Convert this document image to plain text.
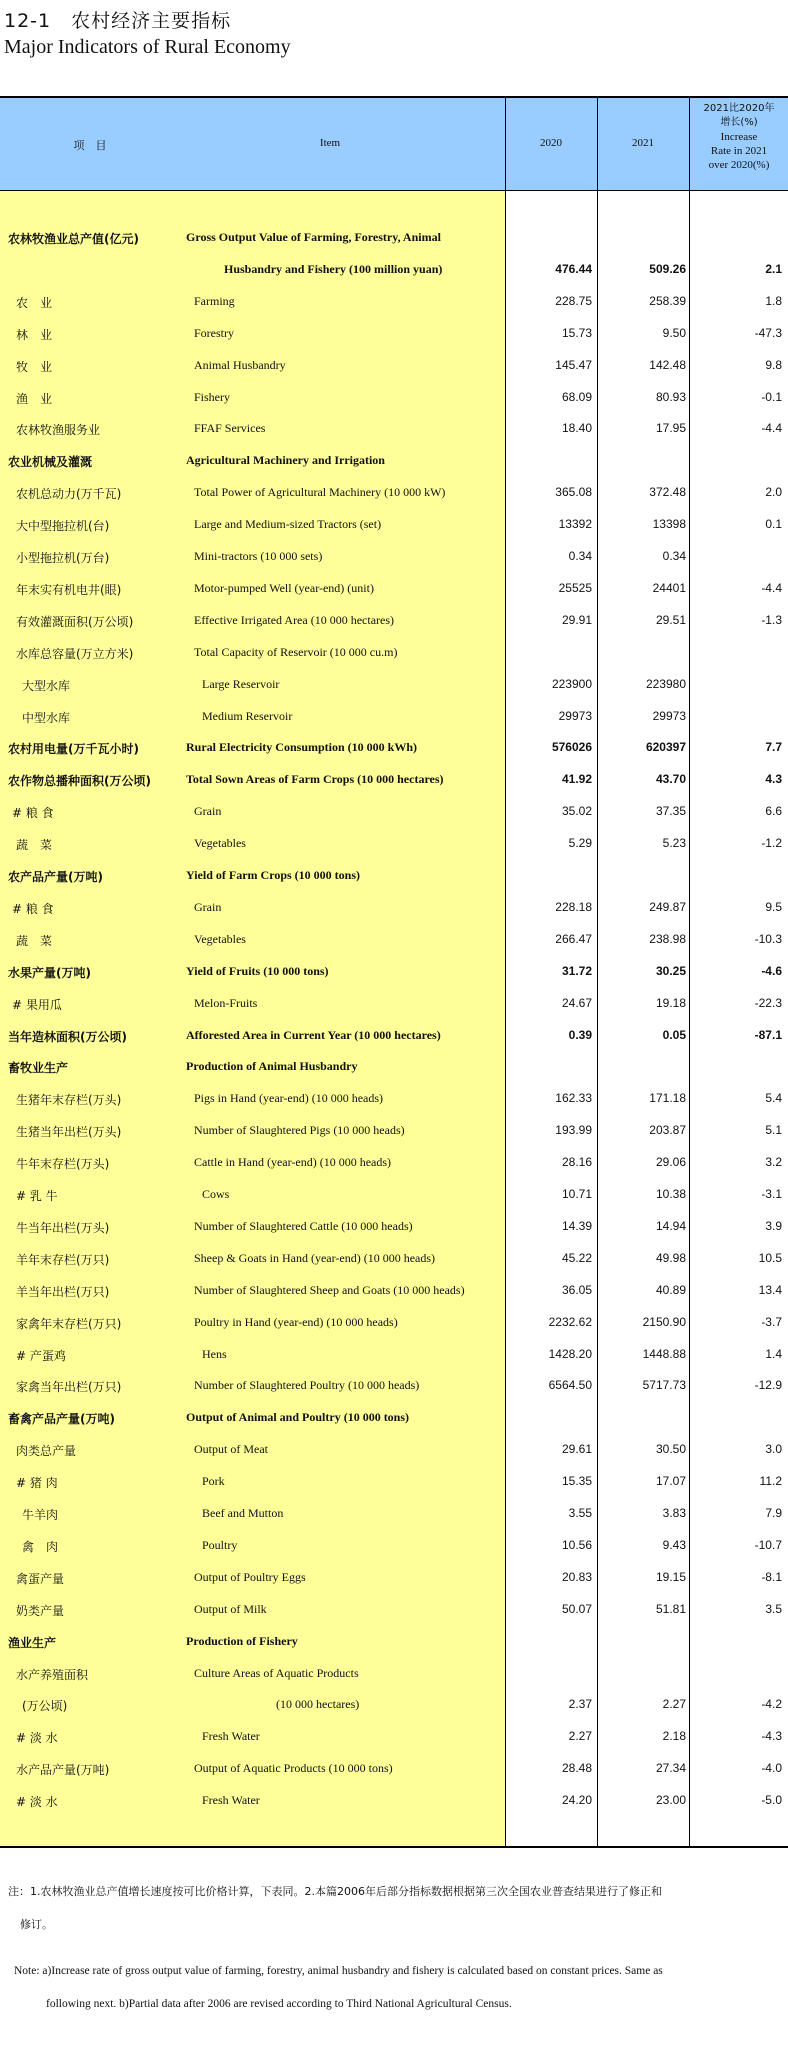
12-1　农村经济主要指标
Major Indicators of Rural Economy
项　目	Item	2020	2021
2021比2020年
增长(%)
Increase
Rate in 2021
over 2020(%)
农林牧渔业总产值(亿元)	Gross Output Value of Farming, Forestry, Animal
Husbandry and Fishery (100 million yuan)	476.44	509.26	2.1
农　业	Farming	228.75	258.39	1.8
林　业	Forestry	15.73	9.50	-47.3
牧　业	Animal Husbandry	145.47	142.48	9.8
渔　业	Fishery	68.09	80.93	-0.1
农林牧渔服务业	FFAF Services	18.40	17.95	-4.4
农业机械及灌溉	Agricultural Machinery and Irrigation
农机总动力(万千瓦)	Total Power of Agricultural Machinery (10 000 kW)	365.08	372.48	2.0
大中型拖拉机(台)	Large and Medium-sized Tractors (set)	13392	13398	0.1
小型拖拉机(万台)	Mini-tractors (10 000 sets)	0.34	0.34
年末实有机电井(眼)	Motor-pumped Well (year-end) (unit)	25525	24401	-4.4
有效灌溉面积(万公顷)	Effective Irrigated Area (10 000 hectares)	29.91	29.51	-1.3
水库总容量(万立方米)	Total Capacity of Reservoir (10 000 cu.m)
大型水库	Large Reservoir	223900	223980
中型水库	Medium Reservoir	29973	29973
农村用电量(万千瓦小时)	Rural Electricity Consumption (10 000 kWh)	576026	620397	7.7
农作物总播种面积(万公顷)	Total Sown Areas of Farm Crops (10 000 hectares)	41.92	43.70	4.3
# 粮 食	Grain	35.02	37.35	6.6
蔬　菜	Vegetables	5.29	5.23	-1.2
农产品产量(万吨)	Yield of Farm Crops (10 000 tons)
# 粮 食	Grain	228.18	249.87	9.5
蔬　菜	Vegetables	266.47	238.98	-10.3
水果产量(万吨)	Yield of Fruits (10 000 tons)	31.72	30.25	-4.6
# 果用瓜	Melon-Fruits	24.67	19.18	-22.3
当年造林面积(万公顷)	Afforested Area in Current Year (10 000 hectares)	0.39	0.05	-87.1
畜牧业生产	Production of Animal Husbandry
生猪年末存栏(万头)	Pigs in Hand (year-end) (10 000 heads)	162.33	171.18	5.4
生猪当年出栏(万头)	Number of Slaughtered Pigs (10 000 heads)	193.99	203.87	5.1
牛年末存栏(万头)	Cattle in Hand (year-end) (10 000 heads)	28.16	29.06	3.2
# 乳 牛	Cows	10.71	10.38	-3.1
牛当年出栏(万头)	Number of Slaughtered Cattle (10 000 heads)	14.39	14.94	3.9
羊年末存栏(万只)	Sheep & Goats in Hand (year-end) (10 000 heads)	45.22	49.98	10.5
羊当年出栏(万只)	Number of Slaughtered Sheep and Goats (10 000 heads)	36.05	40.89	13.4
家禽年末存栏(万只)	Poultry in Hand (year-end) (10 000 heads)	2232.62	2150.90	-3.7
# 产蛋鸡	Hens	1428.20	1448.88	1.4
家禽当年出栏(万只)	Number of Slaughtered Poultry (10 000 heads)	6564.50	5717.73	-12.9
畜禽产品产量(万吨)	Output of Animal and Poultry (10 000 tons)
肉类总产量	Output of Meat	29.61	30.50	3.0
# 猪 肉	Pork	15.35	17.07	11.2
牛羊肉	Beef and Mutton	3.55	3.83	7.9
禽　肉	Poultry	10.56	9.43	-10.7
禽蛋产量	Output of Poultry Eggs	20.83	19.15	-8.1
奶类产量	Output of Milk	50.07	51.81	3.5
渔业生产	Production of Fishery
水产养殖面积	Culture Areas of Aquatic Products
(万公顷)	(10 000 hectares)	2.37	2.27	-4.2
# 淡 水	Fresh Water	2.27	2.18	-4.3
水产品产量(万吨)	Output of Aquatic Products (10 000 tons)	28.48	27.34	-4.0
# 淡 水	Fresh Water	24.20	23.00	-5.0
注：1.农林牧渔业总产值增长速度按可比价格计算，下表同。2.本篇2006年后部分指标数据根据第三次全国农业普查结果进行了修正和
修订。
Note: a)Increase rate of gross output value of farming, forestry, animal husbandry and fishery is calculated based on constant prices. Same as
following next. b)Partial data after 2006 are revised according to Third National Agricultural Census.
